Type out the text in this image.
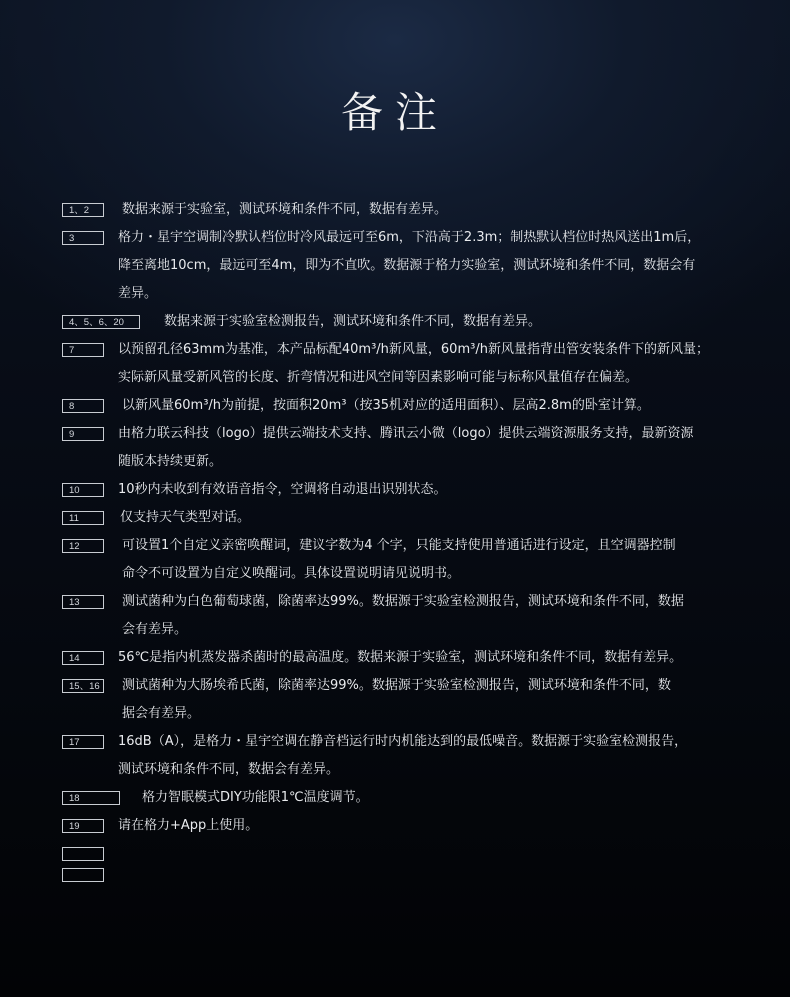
备注
1、2	数据来源于实验室，测试环境和条件不同，数据有差异。
3	格力・星宇空调制冷默认档位时冷风最远可至6m，下沿高于2.3m；制热默认档位时热风送出1m后，
降至离地10cm，最远可至4m，即为不直吹。数据源于格力实验室，测试环境和条件不同，数据会有
差异。
4、5、6、20	数据来源于实验室检测报告，测试环境和条件不同，数据有差异。
7	以预留孔径63mm为基准，本产品标配40m³/h新风量，60m³/h新风量指背出管安装条件下的新风量；
实际新风量受新风管的长度、折弯情况和进风空间等因素影响可能与标称风量值存在偏差。
8	以新风量60m³/h为前提，按面积20m³（按35机对应的适用面积）、层高2.8m的卧室计算。
9	由格力联云科技（logo）提供云端技术支持、腾讯云小微（logo）提供云端资源服务支持，最新资源
随版本持续更新。
10	10秒内未收到有效语音指令，空调将自动退出识别状态。
11	仅支持天气类型对话。
12	可设置1个自定义亲密唤醒词，建议字数为4 个字，只能支持使用普通话进行设定，且空调器控制
命令不可设置为自定义唤醒词。具体设置说明请见说明书。
13	测试菌种为白色葡萄球菌，除菌率达99%。数据源于实验室检测报告，测试环境和条件不同，数据
会有差异。
14	56℃是指内机蒸发器杀菌时的最高温度。数据来源于实验室，测试环境和条件不同，数据有差异。
15、16	测试菌种为大肠埃希氏菌，除菌率达99%。数据源于实验室检测报告，测试环境和条件不同，数
据会有差异。
17	16dB（A），是格力・星宇空调在静音档运行时内机能达到的最低噪音。数据源于实验室检测报告，
测试环境和条件不同，数据会有差异。
18	格力智眠模式DIY功能限1℃温度调节。
19	请在格力+App上使用。
